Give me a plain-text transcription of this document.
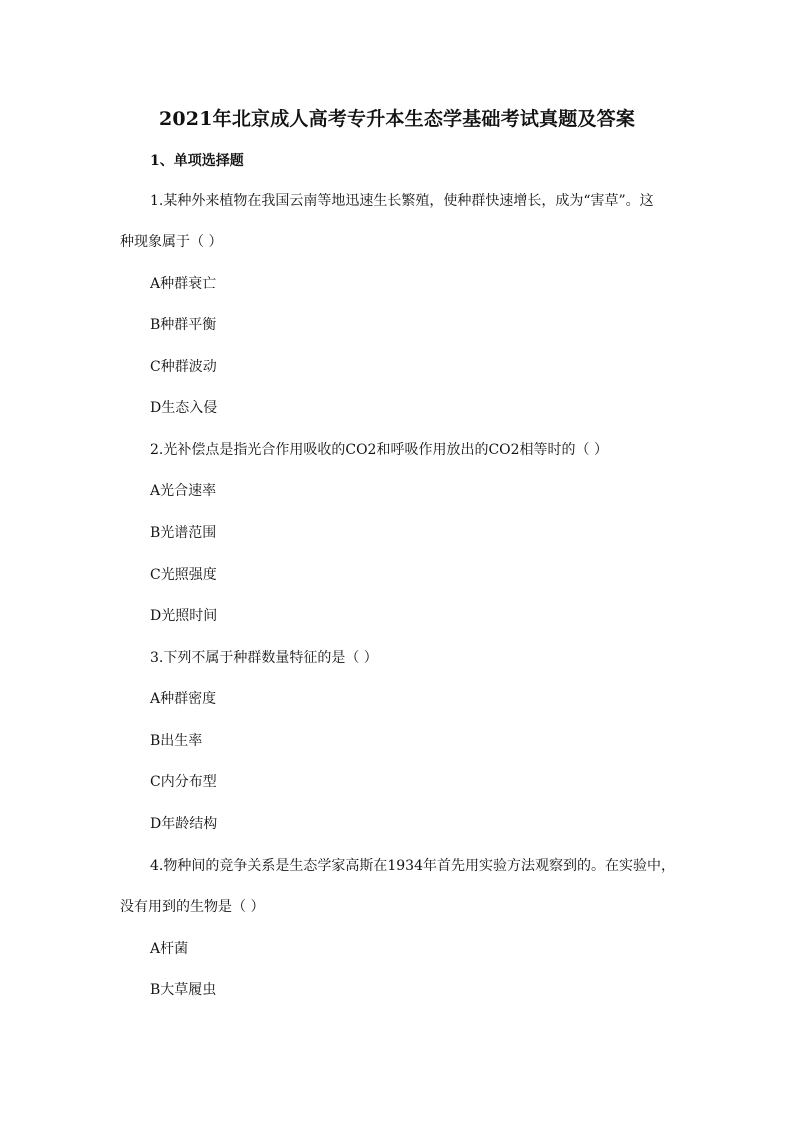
2021年北京成人高考专升本生态学基础考试真题及答案
1、单项选择题
1.某种外来植物在我国云南等地迅速生长繁殖，使种群快速增长，成为“害草”。这
种现象属于（ ）
A种群衰亡
B种群平衡
C种群波动
D生态入侵
2.光补偿点是指光合作用吸收的CO2和呼吸作用放出的CO2相等时的（ ）
A光合速率
B光谱范围
C光照强度
D光照时间
3.下列不属于种群数量特征的是（ ）
A种群密度
B出生率
C内分布型
D年龄结构
4.物种间的竞争关系是生态学家高斯在1934年首先用实验方法观察到的。在实验中，
没有用到的生物是（ ）
A杆菌
B大草履虫
